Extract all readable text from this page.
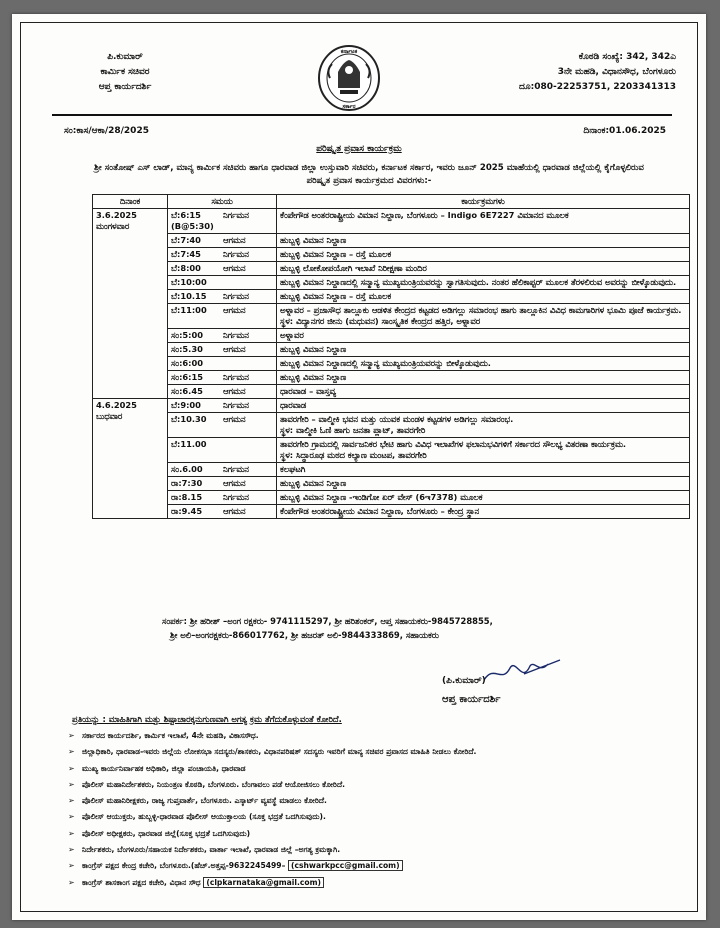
ಪಿ.ಕುಮಾರ್
ಕಾರ್ಮಿಕ ಸಚಿವರ
ಆಪ್ತ ಕಾರ್ಯದರ್ಶಿ
ಕರ್ನಾಟಕ
ಸರ್ಕಾರ
ಕೊಠಡಿ ಸಂಖ್ಯೆ: 342, 342ಎ
3ನೇ ಮಹಡಿ, ವಿಧಾನಸೌಧ, ಬೆಂಗಳೂರು
ದೂ:080-22253751, 2203341313
ಸಂ:ಕಾಸ/ಆಕಾ/28/2025	ದಿನಾಂಕ:01.06.2025
ಪರಿಷ್ಕೃತ ಪ್ರವಾಸ ಕಾರ್ಯಕ್ರಮ
ಶ್ರೀ ಸಂತೋಷ್ ಎಸ್ ಲಾಡ್, ಮಾನ್ಯ ಕಾರ್ಮಿಕ ಸಚಿವರು ಹಾಗೂ ಧಾರವಾಡ ಜಿಲ್ಲಾ ಉಸ್ತುವಾರಿ ಸಚಿವರು, ಕರ್ನಾಟಕ ಸರ್ಕಾರ, ಇವರು ಜೂನ್ 2025 ಮಾಹೆಯಲ್ಲಿ ಧಾರವಾಡ ಜಿಲ್ಲೆಯಲ್ಲಿ ಕೈಗೊಳ್ಳಲಿರುವ ಪರಿಷ್ಕೃತ ಪ್ರವಾಸ ಕಾರ್ಯಕ್ರಮದ ವಿವರಗಳು:-
ದಿನಾಂಕ	ಸಮಯ		ಕಾರ್ಯಕ್ರಮಗಳು

3.6.2025
ಮಂಗಳವಾರ	ಬೆ:6:15 (B@5:30)	ನಿರ್ಗಮನ	ಕೆಂಪೇಗೌಡ ಅಂತರರಾಷ್ಟ್ರೀಯ ವಿಮಾನ ನಿಲ್ದಾಣ, ಬೆಂಗಳೂರು – Indigo 6E7227 ವಿಮಾನದ ಮೂಲಕ

	ಬೆ:7:40	ಆಗಮನ	ಹುಬ್ಬಳ್ಳಿ ವಿಮಾನ ನಿಲ್ದಾಣ

	ಬೆ:7:45	ನಿರ್ಗಮನ	ಹುಬ್ಬಳ್ಳಿ ವಿಮಾನ ನಿಲ್ದಾಣ – ರಸ್ತೆ ಮೂಲಕ

	ಬೆ:8:00	ಆಗಮನ	ಹುಬ್ಬಳ್ಳಿ ಲೋಕೋಪಯೋಗಿ ಇಲಾಖೆ ನಿರೀಕ್ಷಣಾ ಮಂದಿರ

	ಬೆ:10:00		ಹುಬ್ಬಳ್ಳಿ ವಿಮಾನ ನಿಲ್ದಾಣದಲ್ಲಿ ಸನ್ಮಾನ್ಯ ಮುಖ್ಯಮಂತ್ರಿಯವರನ್ನು ಸ್ವಾಗತಿಸುವುದು. ನಂತರ ಹೆಲಿಕಾಪ್ಟರ್ ಮೂಲಕ ತೆರಳಲಿರುವ ಅವರನ್ನು ಬೀಳ್ಕೊಡುವುದು.

	ಬೆ:10.15	ನಿರ್ಗಮನ	ಹುಬ್ಬಳ್ಳಿ ವಿಮಾನ ನಿಲ್ದಾಣ – ರಸ್ತೆ ಮೂಲಕ

	ಬೆ:11:00	ಆಗಮನ	ಅಳ್ನಾವರ – ಪ್ರಜಾಸೌಧ ತಾಲ್ಲೂಕು ಆಡಳಿತ ಕೇಂದ್ರದ ಕಟ್ಟಡದ ಅಡಿಗಲ್ಲು ಸಮಾರಂಭ ಹಾಗು ತಾಲ್ಲೂಕಿನ ವಿವಿಧ ಕಾಮಗಾರಿಗಳ ಭೂಮಿ ಪೂಜೆ ಕಾರ್ಯಕ್ರಮ.
ಸ್ಥಳ: ವಿದ್ಯಾನಗರ ಜೀನು (ಮಧುವನ) ಸಾಂಸ್ಕೃತಿಕ ಕೇಂದ್ರದ ಹತ್ತಿರ, ಅಳ್ನಾವರ

	ಸಂ:5:00	ನಿರ್ಗಮನ	ಅಳ್ನಾವರ

	ಸಂ:5.30	ಆಗಮನ	ಹುಬ್ಬಳ್ಳಿ ವಿಮಾನ ನಿಲ್ದಾಣ

	ಸಂ:6:00		ಹುಬ್ಬಳ್ಳಿ ವಿಮಾನ ನಿಲ್ದಾಣದಲ್ಲಿ ಸನ್ಮಾನ್ಯ ಮುಖ್ಯಮಂತ್ರಿಯವರನ್ನು ಬೀಳ್ಕೊಡುವುದು.

	ಸಂ:6:15	ನಿರ್ಗಮನ	ಹುಬ್ಬಳ್ಳಿ ವಿಮಾನ ನಿಲ್ದಾಣ

	ಸಂ:6.45	ಆಗಮನ	ಧಾರವಾಡ – ವಾಸ್ತವ್ಯ

4.6.2025
ಬುಧವಾರ	ಬೆ:9:00	ನಿರ್ಗಮನ	ಧಾರವಾಡ

	ಬೆ:10.30	ಆಗಮನ	ತಾವರಗೇರಿ – ವಾಲ್ಮೀಕಿ ಭವನ ಮತ್ತು ಯುವಕ ಮಂಡಳ ಕಟ್ಟಡಗಳ ಅಡಿಗಲ್ಲು ಸಮಾರಂಭ.
ಸ್ಥಳ: ವಾಲ್ಮೀಕಿ ಓಣಿ ಹಾಗು ಜನತಾ ಪ್ಲಾಟ್, ತಾವರಗೇರಿ

	ಬೆ:11.00		ತಾವರಗೇರಿ ಗ್ರಾಮದಲ್ಲಿ ಸಾರ್ವಜನಿಕರ ಭೇಟಿ ಹಾಗು ವಿವಿಧ ಇಲಾಖೆಗಳ ಫಲಾನುಭವಿಗಳಿಗೆ ಸರ್ಕಾರದ ಸೌಲಭ್ಯ ವಿತರಣಾ ಕಾರ್ಯಕ್ರಮ.
ಸ್ಥಳ: ಸಿದ್ಧಾರೂಢ ಮಠದ ಕಲ್ಯಾಣ ಮಂಟಪ, ತಾವರಗೇರಿ

	ಸಂ.6.00	ನಿರ್ಗಮನ	ಕಲಘಟಗಿ

	ರಾ:7:30	ಆಗಮನ	ಹುಬ್ಬಳ್ಳಿ ವಿಮಾನ ನಿಲ್ದಾಣ

	ರಾ:8.15	ನಿರ್ಗಮನ	ಹುಬ್ಬಳ್ಳಿ ವಿಮಾನ ನಿಲ್ದಾಣ -ಇಂಡಿಗೋ ಏರ್ ವೇಸ್ (6ಇ7378) ಮೂಲಕ

	ರಾ:9.45	ಆಗಮನ	ಕೆಂಪೇಗೌಡ ಅಂತರರಾಷ್ಟ್ರೀಯ ವಿಮಾನ ನಿಲ್ದಾಣ, ಬೆಂಗಳೂರು – ಕೇಂದ್ರ ಸ್ಥಾನ
ಸಂಪರ್ಕ: ಶ್ರೀ ಹರೀಶ್ –ಅಂಗ ರಕ್ಷಕರು- 9741115297, ಶ್ರೀ ಹರಿಶಂಕರ್, ಆಪ್ತ ಸಹಾಯಕರು-9845728855,
ಶ್ರೀ ಅಲಿ–ಅಂಗರಕ್ಷಕರು-866017762, ಶ್ರೀ ಹಜರತ್ ಅಲಿ-9844333869, ಸಹಾಯಕರು
(ಪಿ.ಕುಮಾರ್)
ಆಪ್ತ ಕಾರ್ಯದರ್ಶಿ
ಪ್ರತಿಯನ್ನು : ಮಾಹಿತಿಗಾಗಿ ಮತ್ತು ಶಿಷ್ಟಾಚಾರಕ್ಕನುಗುಣವಾಗಿ ಅಗತ್ಯ ಕ್ರಮ ತೆಗೆದುಕೊಳ್ಳುವಂತೆ ಕೋರಿದೆ.
➢ ಸರ್ಕಾರದ ಕಾರ್ಯದರ್ಶಿ, ಕಾರ್ಮಿಕ ಇಲಾಖೆ, 4ನೇ ಮಹಡಿ, ವಿಕಾಸಸೌಧ.
➢ ಜಿಲ್ಲಾಧಿಕಾರಿ, ಧಾರವಾಡ-ಇವರು ಜಿಲ್ಲೆಯ ಲೋಕಸಭಾ ಸದಸ್ಯರು/ಶಾಸಕರು, ವಿಧಾನಪರಿಷತ್ ಸದಸ್ಯರು ಇವರಿಗೆ ಮಾನ್ಯ ಸಚಿವರ ಪ್ರವಾಸದ ಮಾಹಿತಿ ನೀಡಲು ಕೋರಿದೆ.
➢ ಮುಖ್ಯ ಕಾರ್ಯನಿರ್ವಾಹಕ ಅಧಿಕಾರಿ, ಜಿಲ್ಲಾ ಪಂಚಾಯತಿ, ಧಾರವಾಡ
➢ ಪೊಲೀಸ್ ಮಹಾನಿರ್ದೇಶಕರು, ನಿಯಂತ್ರಣ ಕೊಠಡಿ, ಬೆಂಗಳೂರು. ಬೆಂಗಾವಲು ಪಡೆ ಆಯೋಜಿಸಲು ಕೋರಿದೆ.
➢ ಪೊಲೀಸ್ ಮಹಾನಿರೀಕ್ಷಕರು, ರಾಜ್ಯ ಗುಪ್ತವಾರ್ತೆ, ಬೆಂಗಳೂರು. ಎಸ್ಕಾರ್ಟ್ ವ್ಯವಸ್ಥೆ ಮಾಡಲು ಕೋರಿದೆ.
➢ ಪೊಲೀಸ್ ಆಯುಕ್ತರು, ಹುಬ್ಬಳ್ಳಿ-ಧಾರವಾಡ ಪೊಲೀಸ್ ಆಯುಕ್ತಾಲಯ (ಸೂಕ್ತ ಭದ್ರತೆ ಒದಗಿಸುವುದು).
➢ ಪೊಲೀಸ್ ಅಧೀಕ್ಷಕರು, ಧಾರವಾಡ ಜಿಲ್ಲೆ(ಸೂಕ್ತ ಭದ್ರತೆ ಒದಗಿಸುವುದು)
➢ ನಿರ್ದೇಶಕರು, ಬೆಂಗಳೂರು/ಸಹಾಯಕ ನಿರ್ದೇಶಕರು, ವಾರ್ತಾ ಇಲಾಖೆ, ಧಾರವಾಡ ಜಿಲ್ಲೆ –ಅಗತ್ಯ ಕ್ರಮಕ್ಕಾಗಿ.
➢ ಕಾಂಗ್ರೆಸ್ ಪಕ್ಷದ ಕೇಂದ್ರ ಕಚೇರಿ, ಬೆಂಗಳೂರು.(ಹೆಚ್.ಅತ್ತಪ್ಪ-9632245499– (cshwarkpcc@gmail.com)
➢ ಕಾಂಗ್ರೆಸ್ ಶಾಸಕಾಂಗ ಪಕ್ಷದ ಕಚೇರಿ, ವಿಧಾನ ಸೌಧ (clpkarnataka@gmail.com)
